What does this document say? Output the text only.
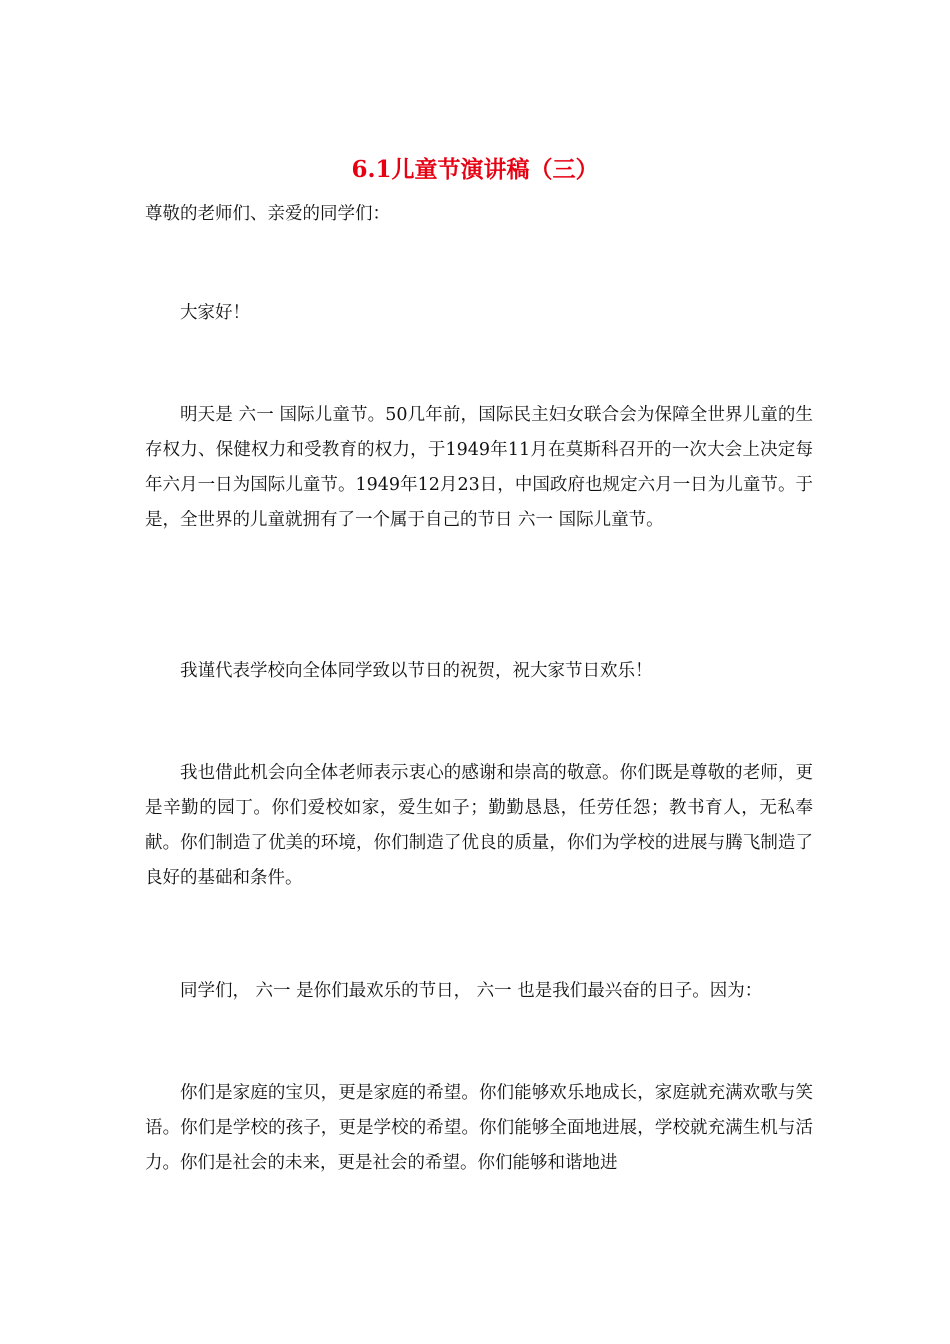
6.1儿童节演讲稿（三）

尊敬的老师们、亲爱的同学们：

大家好！

明天是 六一 国际儿童节。50几年前，国际民主妇女联合会为保障全世界儿童的生存权力、保健权力和受教育的权力，于1949年11月在莫斯科召开的一次大会上决定每年六月一日为国际儿童节。1949年12月23日，中国政府也规定六月一日为儿童节。于是，全世界的儿童就拥有了一个属于自己的节日 六一 国际儿童节。

我谨代表学校向全体同学致以节日的祝贺，祝大家节日欢乐！

我也借此机会向全体老师表示衷心的感谢和崇高的敬意。你们既是尊敬的老师，更是辛勤的园丁。你们爱校如家，爱生如子；勤勤恳恳，任劳任怨；教书育人，无私奉献。你们制造了优美的环境，你们制造了优良的质量，你们为学校的进展与腾飞制造了良好的基础和条件。

同学们， 六一 是你们最欢乐的节日， 六一 也是我们最兴奋的日子。因为：

你们是家庭的宝贝，更是家庭的希望。你们能够欢乐地成长，家庭就充满欢歌与笑语。你们是学校的孩子，更是学校的希望。你们能够全面地进展，学校就充满生机与活力。你们是社会的未来，更是社会的希望。你们能够和谐地进
